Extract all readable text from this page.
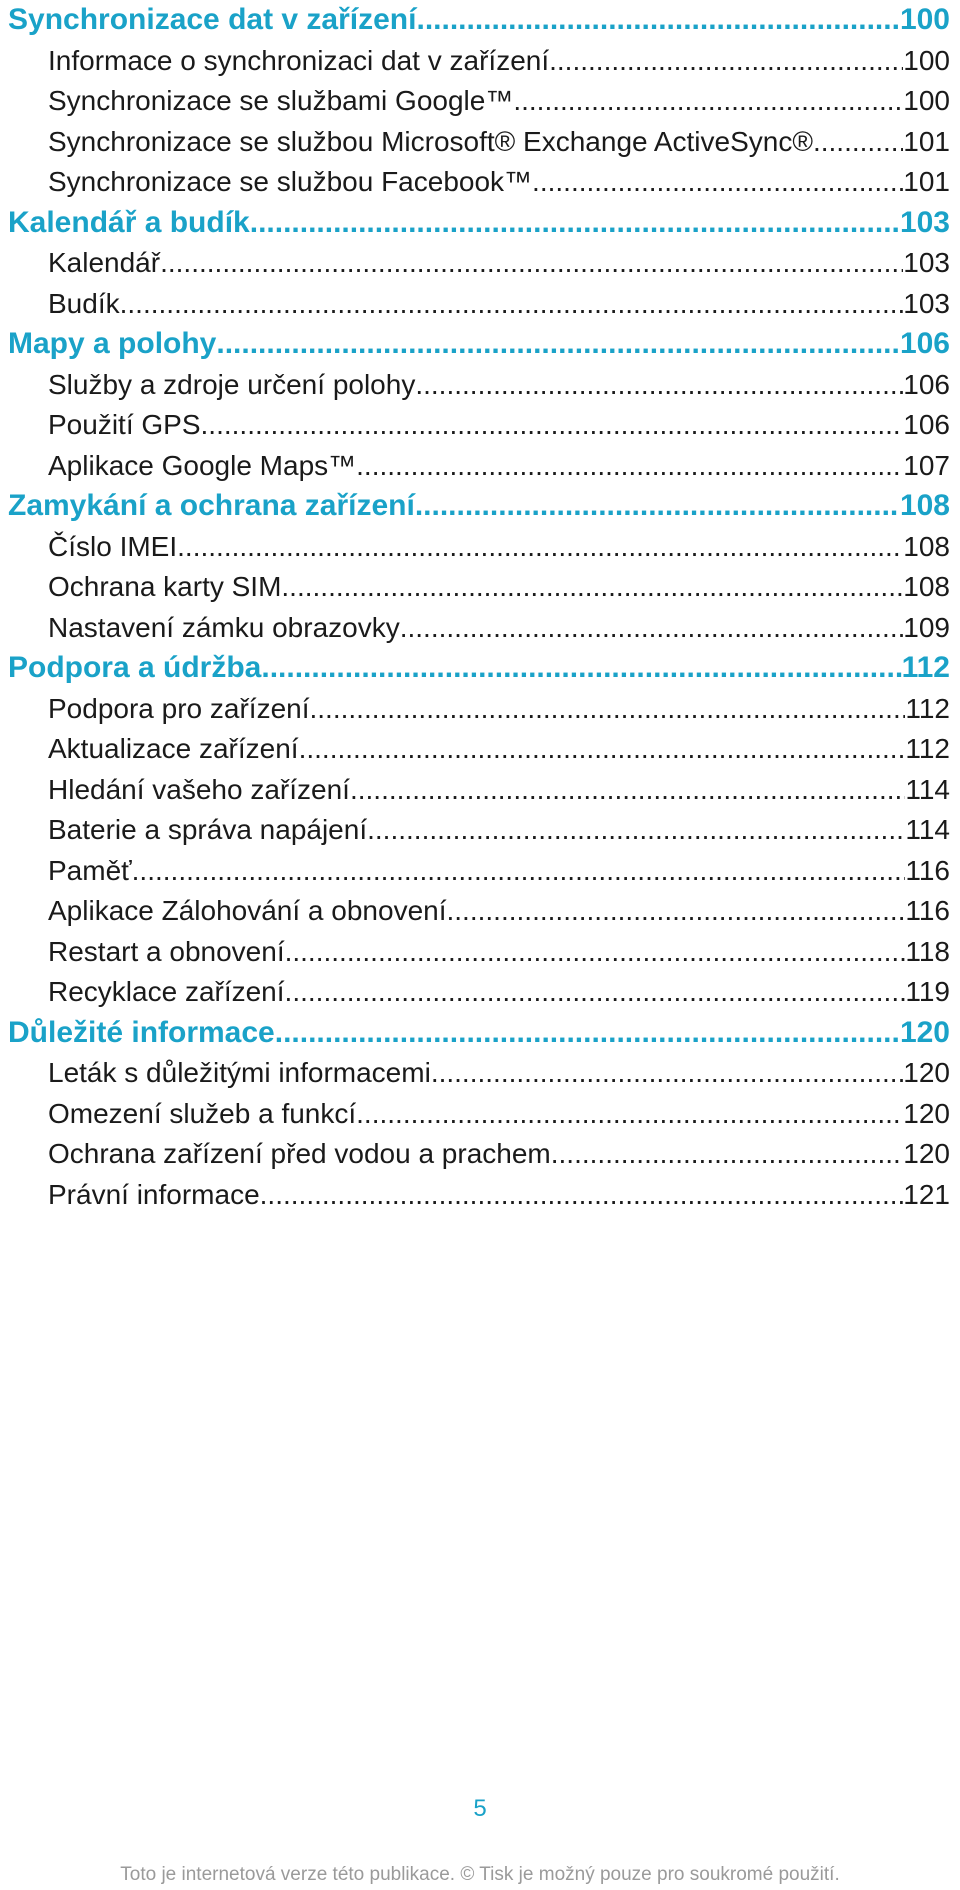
Synchronizace dat v zařízení .....	100
Informace o synchronizaci dat v zařízení .....	100
Synchronizace se službami Google™ .....	100
Synchronizace se službou Microsoft® Exchange ActiveSync® .....	101
Synchronizace se službou Facebook™ .....	101
Kalendář a budík .....	103
Kalendář .....	103
Budík .....	103
Mapy a polohy .....	106
Služby a zdroje určení polohy .....	106
Použití GPS .....	106
Aplikace Google Maps™ .....	107
Zamykání a ochrana zařízení .....	108
Číslo IMEI .....	108
Ochrana karty SIM .....	108
Nastavení zámku obrazovky .....	109
Podpora a údržba .....	112
Podpora pro zařízení .....	112
Aktualizace zařízení .....	112
Hledání vašeho zařízení .....	114
Baterie a správa napájení .....	114
Paměť .....	116
Aplikace Zálohování a obnovení .....	116
Restart a obnovení .....	118
Recyklace zařízení .....	119
Důležité informace .....	120
Leták s důležitými informacemi .....	120
Omezení služeb a funkcí .....	120
Ochrana zařízení před vodou a prachem .....	120
Právní informace .....	121
5
Toto je internetová verze této publikace. © Tisk je možný pouze pro soukromé použití.
